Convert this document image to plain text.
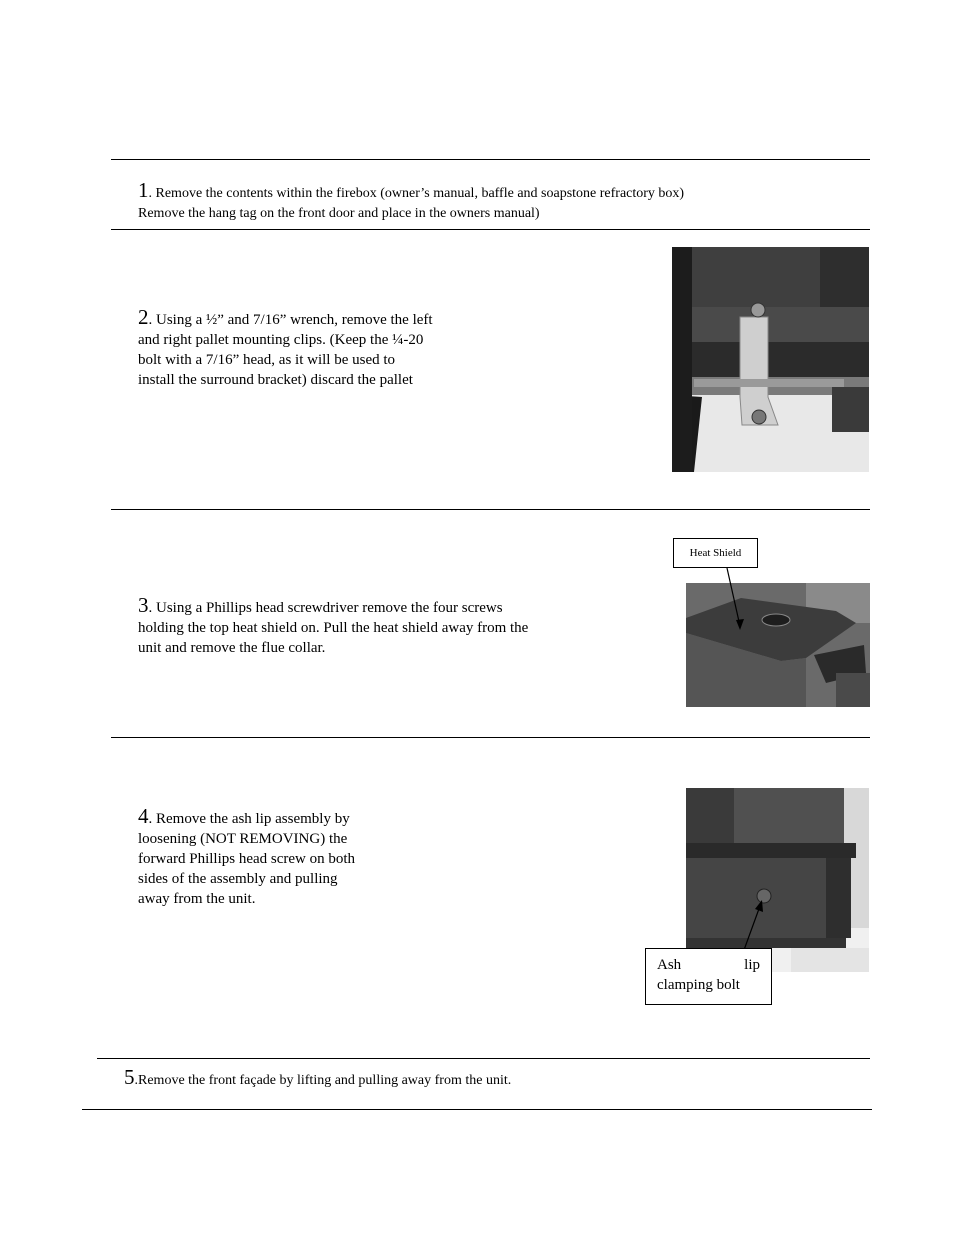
1. Remove the contents within the firebox (owner’s manual, baffle and soapstone refractory box)
Remove the hang tag on the front door and place in the owners manual)
2. Using a ½” and 7/16” wrench, remove the left
and right pallet mounting clips. (Keep the ¼-20
bolt with a 7/16” head, as it will be used to
install the surround bracket) discard the pallet
3. Using a Phillips head screwdriver remove the four screws
holding the top heat shield on. Pull the heat shield away from the
unit and remove the flue collar.
Heat Shield
4. Remove the ash lip assembly by
loosening (NOT REMOVING) the
forward Phillips head screw on both
sides of the assembly and pulling
away from the unit.
Ash	lip
clamping bolt
5.Remove the front façade by lifting and pulling away from the unit.
